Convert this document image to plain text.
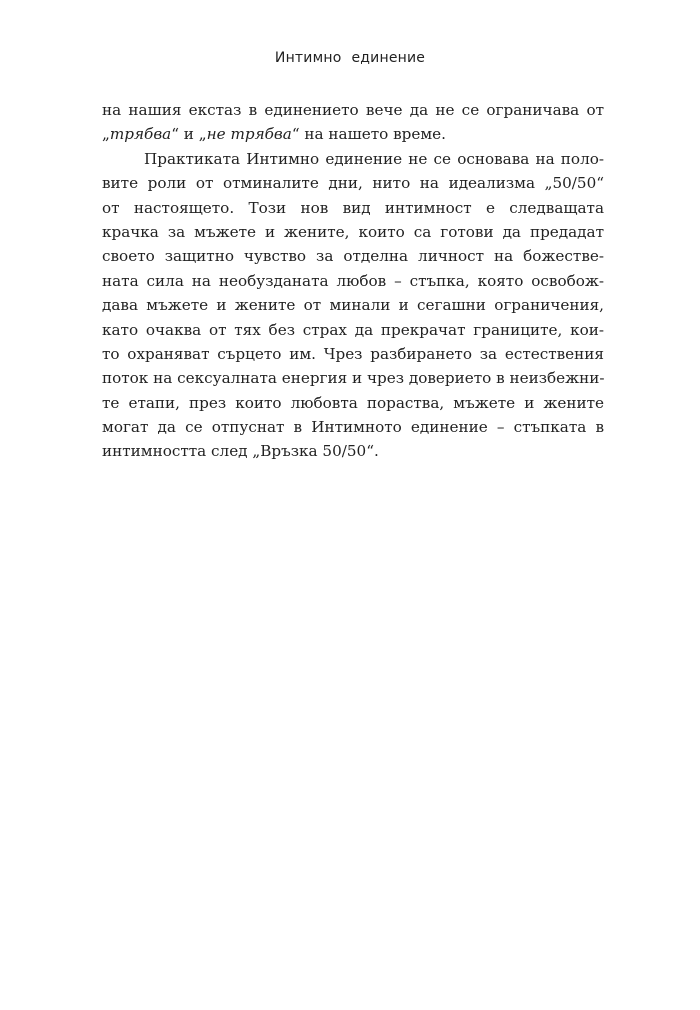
Интимно единение
на нашия екстаз в единението вече да не се ограничава от
„трябва“ и „не трябва“ на нашето време.
Практиката Интимно единение не се основава на поло-
вите роли от отминалите дни, нито на идеализма „50/50“
от настоящето. Този нов вид интимност е следващата
крачка за мъжете и жените, които са готови да предадат
своето защитно чувство за отделна личност на божестве-
ната сила на необузданата любов – стъпка, която освобож-
дава мъжете и жените от минали и сегашни ограничения,
като очаква от тях без страх да прекрачат границите, кои-
то охраняват сърцето им. Чрез разбирането за естествения
поток на сексуалната енергия и чрез доверието в неизбежни-
те етапи, през които любовта пораства, мъжете и жените
могат да се отпуснат в Интимното единение – стъпката в
интимността след „Връзка 50/50“.
